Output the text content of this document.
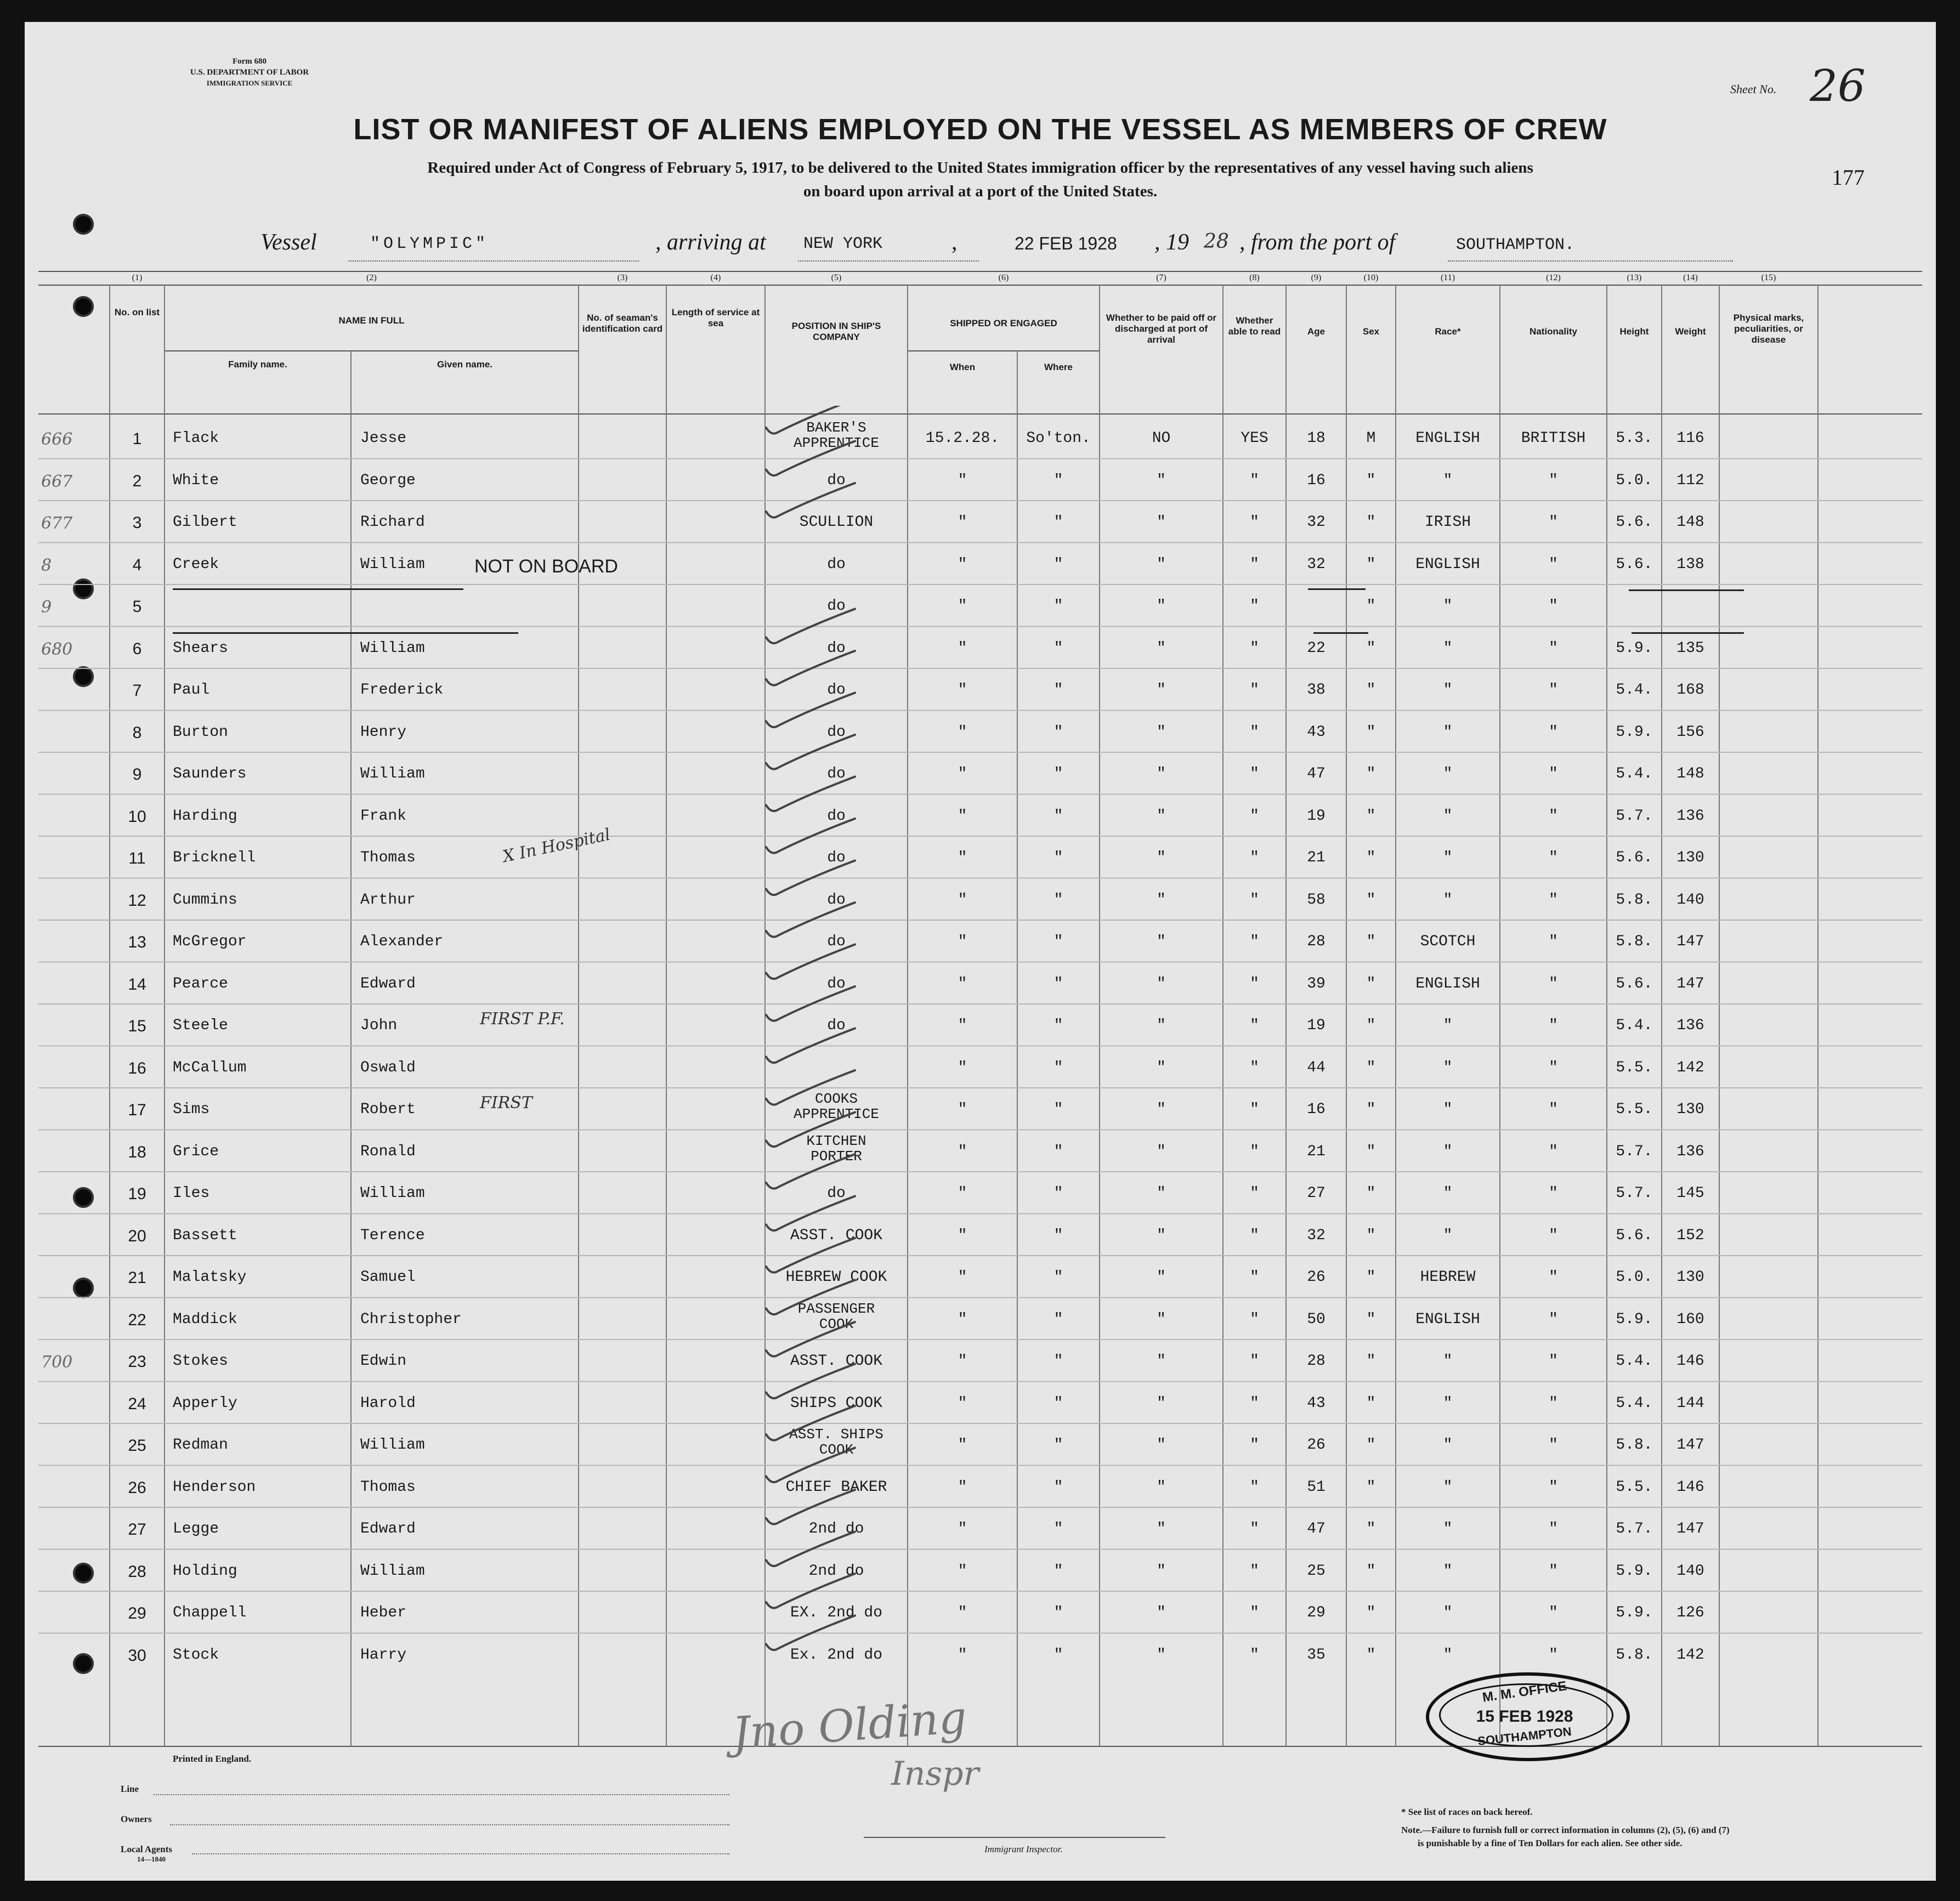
Form 680
U.S. DEPARTMENT OF LABOR
IMMIGRATION SERVICE	Sheet No. 26
177
LIST OR MANIFEST OF ALIENS EMPLOYED ON THE VESSEL AS MEMBERS OF CREW
Required under Act of Congress of February 5, 1917, to be delivered to the United States immigration officer by the representatives of any vessel having such aliens
on board upon arrival at a port of the United States.
Vessel	"OLYMPIC"	, arriving at NEW YORK	,	22 FEB 1928 , 19 28 , from the port of	SOUTHAMPTON.
(1)	(2)	(3)	(4)	(5)	(6)	(7)	(8)	(9)	(10)	(11)	(12)	(13)	(14)	(15)
No. on list
NAME IN FULL
Family name.	Given name.
No. of seaman's identification card
Length of service at sea	POSITION IN SHIP'S COMPANY
SHIPPED OR ENGAGED
When	Where
Whether to be paid off or discharged at port of arrival
Whether able to read	Age	Sex	Race*	Nationality	Height	Weight
Physical marks, peculiarities, or disease
1	Flack	Jesse
BAKER'S
APPRENTICE	15.2.28.	So'ton.	NO	YES	18	M	ENGLISH	BRITISH	5.3.	116
666
2	White	George	do	"	"	"	"	16	"	"	"	5.0.	112
667
3	Gilbert	Richard	SCULLION	"	"	"	"	32	"	IRISH	"	5.6.	148
677
4	Creek	William	do	"	"	"	"	32	"	ENGLISH	"	5.6.	138
8	NOT ON BOARD
5	do	"	"	"	"	"	"	"
9
6	Shears	William	do	"	"	"	"	22	"	"	"	5.9.	135
680
7	Paul	Frederick	do	"	"	"	"	38	"	"	"	5.4.	168
8	Burton	Henry	do	"	"	"	"	43	"	"	"	5.9.	156
9	Saunders	William	do	"	"	"	"	47	"	"	"	5.4.	148
10	Harding	Frank	do	"	"	"	"	19	"	"	"	5.7.	136
11	Bricknell	Thomas	do	"	"	"	"	21	"	"	"	5.6.	130
X In Hospital
12	Cummins	Arthur	do	"	"	"	"	58	"	"	"	5.8.	140
13	McGregor	Alexander	do	"	"	"	"	28	"	SCOTCH	"	5.8.	147
14	Pearce	Edward	do	"	"	"	"	39	"	ENGLISH	"	5.6.	147
15	Steele	John	do	"	"	"	"	19	"	"	"	5.4.	136
FIRST P.F.
16	McCallum	Oswald	"	"	"	"	44	"	"	"	5.5.	142
17	Sims	Robert
COOKS
APPRENTICE	"	"	"	"	16	"	"	"	5.5.	130
FIRST
18	Grice	Ronald
KITCHEN
PORTER	"	"	"	"	21	"	"	"	5.7.	136
19	Iles	William	do	"	"	"	"	27	"	"	"	5.7.	145
20	Bassett	Terence	ASST. COOK	"	"	"	"	32	"	"	"	5.6.	152
21	Malatsky	Samuel	HEBREW COOK	"	"	"	"	26	"	HEBREW	"	5.0.	130
22	Maddick	Christopher
PASSENGER
COOK	"	"	"	"	50	"	ENGLISH	"	5.9.	160
23	Stokes	Edwin	ASST. COOK	"	"	"	"	28	"	"	"	5.4.	146
700
24	Apperly	Harold	SHIPS COOK	"	"	"	"	43	"	"	"	5.4.	144
25	Redman	William
ASST. SHIPS
COOK	"	"	"	"	26	"	"	"	5.8.	147
26	Henderson	Thomas	CHIEF BAKER	"	"	"	"	51	"	"	"	5.5.	146
27	Legge	Edward	2nd do	"	"	"	"	47	"	"	"	5.7.	147
28	Holding	William	2nd do	"	"	"	"	25	"	"	"	5.9.	140
29	Chappell	Heber	EX. 2nd do	"	"	"	"	29	"	"	"	5.9.	126
30	Stock	Harry	Ex. 2nd do	"	"	"	"	35	"	"	"	5.8.	142
M. M. OFFICE
15 FEB 1928
SOUTHAMPTON
Jno Olding
Inspr
Printed in England.
Line
Owners
Local Agents
14—1840
Immigrant Inspector.
* See list of races on back hereof.
Note.—Failure to furnish full or correct information in columns (2), (5), (6) and (7)
is punishable by a fine of Ten Dollars for each alien. See other side.
